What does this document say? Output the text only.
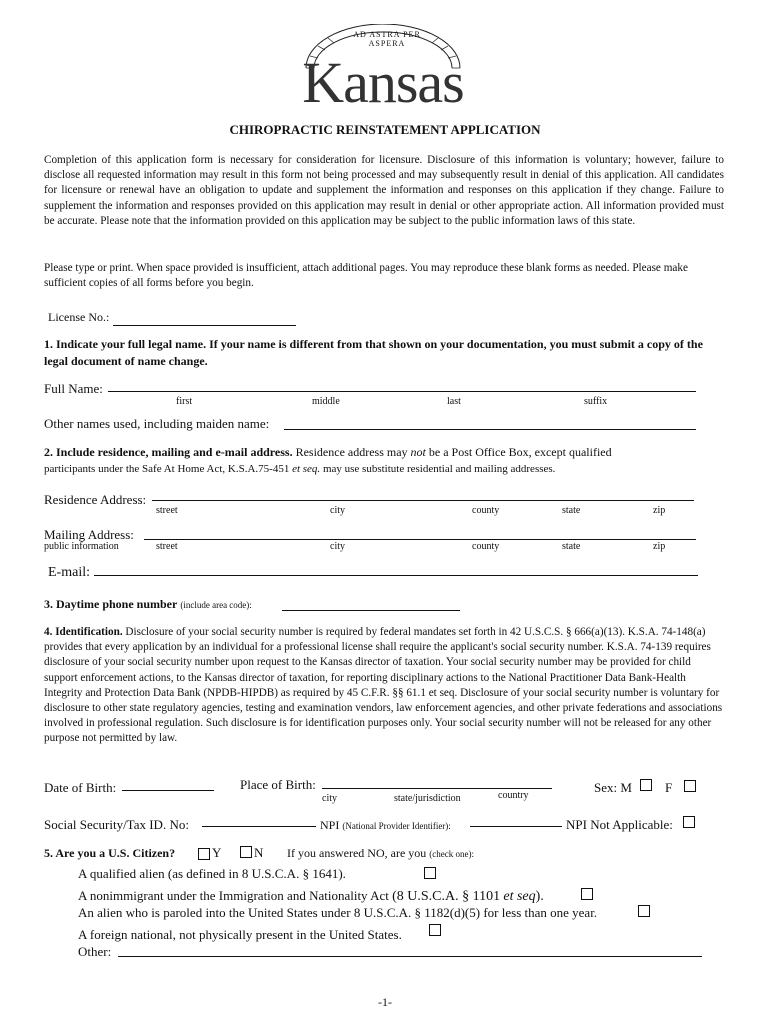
AD ASTRA PER ASPERA
Kansas
CHIROPRACTIC REINSTATEMENT APPLICATION
Completion of this application form is necessary for consideration for licensure. Disclosure of this information is voluntary; however, failure to disclose all requested information may result in this form not being processed and may subsequently result in denial of this application. All candidates for licensure or renewal have an obligation to update and supplement the information and responses on this application if they change. Failure to supplement the information and responses provided on this application may result in denial or other appropriate action. All information provided must be accurate. Please note that the information provided on this application may be subject to the public information laws of this state.
Please type or print. When space provided is insufficient, attach additional pages. You may reproduce these blank forms as needed. Please make sufficient copies of all forms before you begin.
License No.:
1. Indicate your full legal name. If your name is different from that shown on your documentation, you must submit a copy of the legal document of name change.
Full Name:
first	middle	last	suffix
Other names used, including maiden name:
2. Include residence, mailing and e-mail address. Residence address may not be a Post Office Box, except qualified
participants under the Safe At Home Act, K.S.A.75-451 et seq. may use substitute residential and mailing addresses.
Residence Address:
street	city	county	state	zip
Mailing Address:
public information	street	city	county	state	zip
E-mail:
3. Daytime phone number (include area code):
4. Identification. Disclosure of your social security number is required by federal mandates set forth in 42 U.S.C.S. § 666(a)(13). K.S.A. 74-148(a) provides that every application by an individual for a professional license shall require the applicant's social security number. K.S.A. 74-139 requires disclosure of your social security number upon request to the Kansas director of taxation. Your social security number may be provided for child support enforcement actions, to the Kansas director of taxation, for reporting disciplinary actions to the National Practitioner Data Bank-Health Integrity and Protection Data Bank (NPDB-HIPDB) as required by 45 C.F.R. §§ 61.1 et seq. Disclosure of your social security number is voluntary for disclosure to other state regulatory agencies, testing and examination vendors, law enforcement agencies, and other private federations and associations involved in professional regulation. Such disclosure is for identification purposes only. Your social security number will not be released for any other purpose not permitted by law.
Date of Birth:	Place of Birth:
city	state/jurisdiction	country
Sex: M	F
Social Security/Tax ID. No:	NPI (National Provider Identifier):	NPI Not Applicable:
5. Are you a U.S. Citizen?	Y	N If you answered NO, are you (check one):
A qualified alien (as defined in 8 U.S.C.A. § 1641).
A nonimmigrant under the Immigration and Nationality Act (8 U.S.C.A. § 1101 et seq).
An alien who is paroled into the United States under 8 U.S.C.A. § 1182(d)(5) for less than one year.
A foreign national, not physically present in the United States.
Other:
-1-
